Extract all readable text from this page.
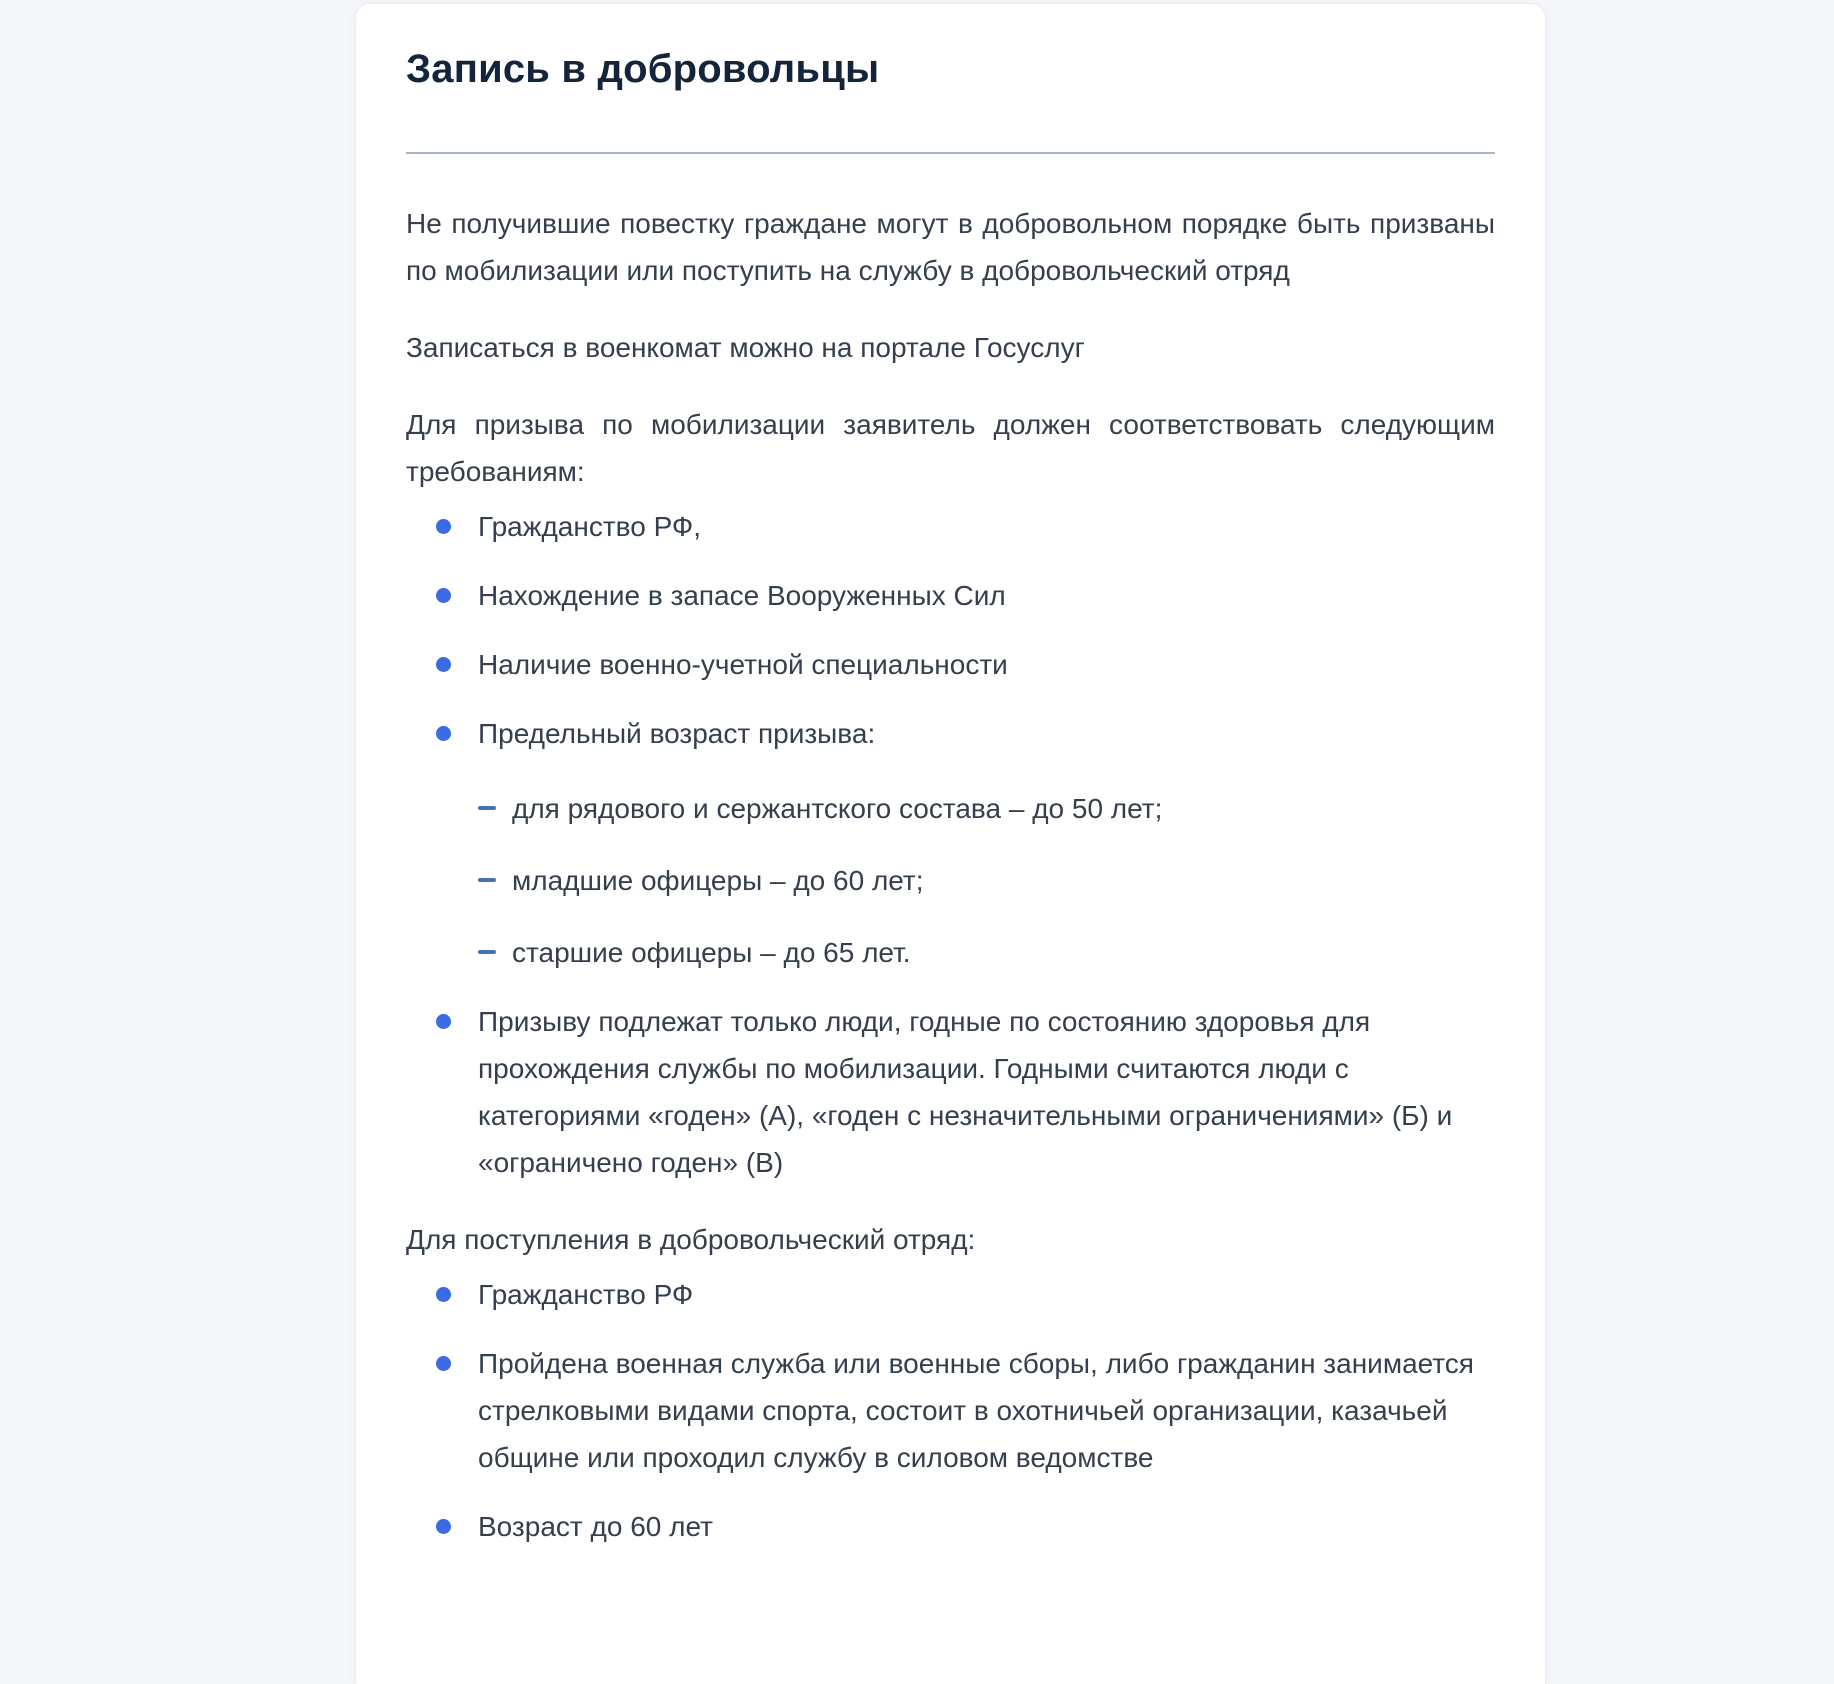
Запись в добровольцы

Не получившие повестку граждане могут в добровольном порядке быть призваны по мобилизации или поступить на службу в добровольческий отряд

Записаться в военкомат можно на портале Госуслуг

Для призыва по мобилизации заявитель должен соответствовать следующим требованиям:

Гражданство РФ,
Нахождение в запасе Вооруженных Сил
Наличие военно-учетной специальности
Предельный возраст призыва:
для рядового и сержантского состава – до 50 лет;
младшие офицеры – до 60 лет;
старшие офицеры – до 65 лет.
Призыву подлежат только люди, годные по состоянию здоровья для прохождения службы по мобилизации. Годными считаются люди с категориями «годен» (А), «годен с незначительными ограничениями» (Б) и «ограничено годен» (В)

Для поступления в добровольческий отряд:

Гражданство РФ
Пройдена военная служба или военные сборы, либо гражданин занимается стрелковыми видами спорта, состоит в охотничьей организации, казачьей общине или проходил службу в силовом ведомстве
Возраст до 60 лет
